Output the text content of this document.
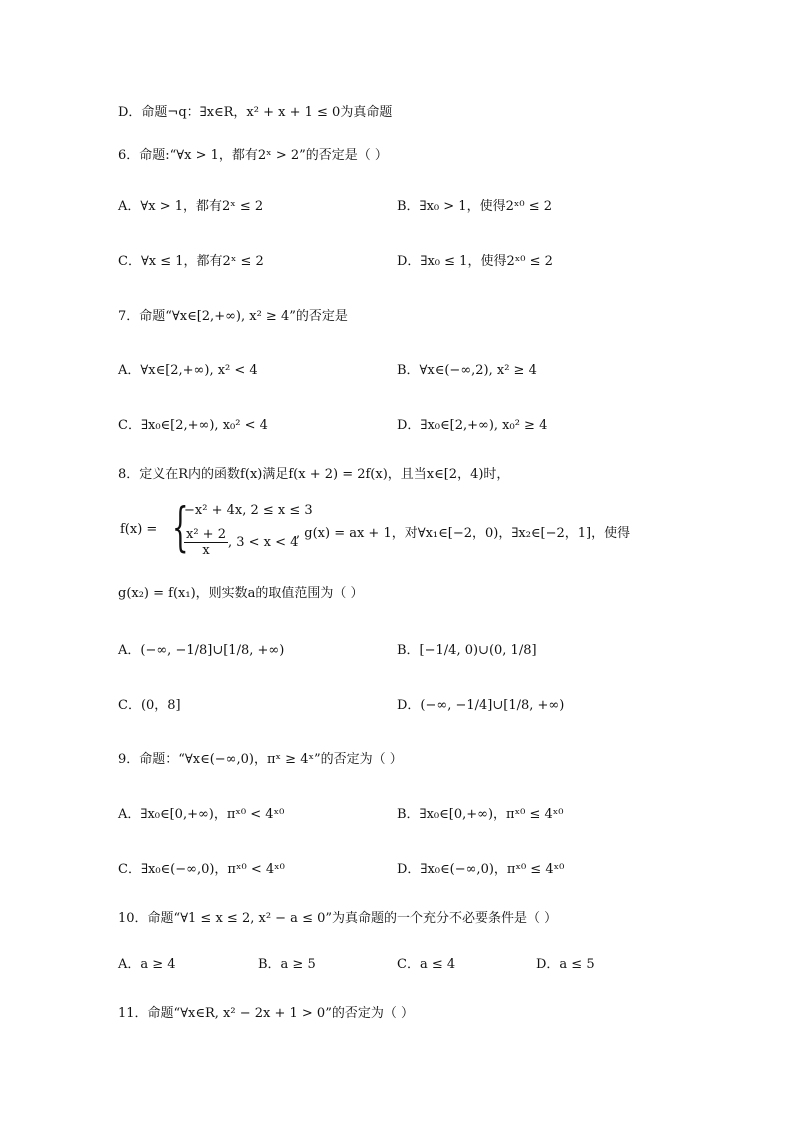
D．命题¬q：∃x∈R，x² + x + 1 ≤ 0为真命题
6．命题:“∀x > 1，都有2ˣ > 2”的否定是（ ）
A．∀x > 1，都有2ˣ ≤ 2	B．∃x₀ > 1，使得2ˣ⁰ ≤ 2
C．∀x ≤ 1，都有2ˣ ≤ 2	D．∃x₀ ≤ 1，使得2ˣ⁰ ≤ 2
7．命题“∀x∈[2,+∞), x² ≥ 4”的否定是
A．∀x∈[2,+∞), x² < 4	B．∀x∈(−∞,2), x² ≥ 4
C．∃x₀∈[2,+∞), x₀² < 4	D．∃x₀∈[2,+∞), x₀² ≥ 4
8．定义在R内的函数f(x)满足f(x + 2) = 2f(x)，且当x∈[2，4)时，
f(x) = {
−x² + 4x, 2 ≤ x ≤ 3
$\frac{\text{x² + 2}}{x}$ , 3 < x < 4
, g(x) = ax + 1，对∀x₁∈[−2，0)，∃x₂∈[−2，1]，使得
g(x₂) = f(x₁)，则实数a的取值范围为（ ）
A．(−∞, −1/8]∪[1/8, +∞)	B．[−1/4, 0)∪(0, 1/8]
C．(0，8]	D．(−∞, −1/4]∪[1/8, +∞)
9．命题：“∀x∈(−∞,0)，πˣ ≥ 4ˣ”的否定为（ ）
A．∃x₀∈[0,+∞)，πˣ⁰ < 4ˣ⁰	B．∃x₀∈[0,+∞)，πˣ⁰ ≤ 4ˣ⁰
C．∃x₀∈(−∞,0)，πˣ⁰ < 4ˣ⁰	D．∃x₀∈(−∞,0)，πˣ⁰ ≤ 4ˣ⁰
10．命题“∀1 ≤ x ≤ 2, x² − a ≤ 0”为真命题的一个充分不必要条件是（ ）
A．a ≥ 4	B．a ≥ 5	C．a ≤ 4	D．a ≤ 5
11．命题“∀x∈R, x² − 2x + 1 > 0”的否定为（ ）
